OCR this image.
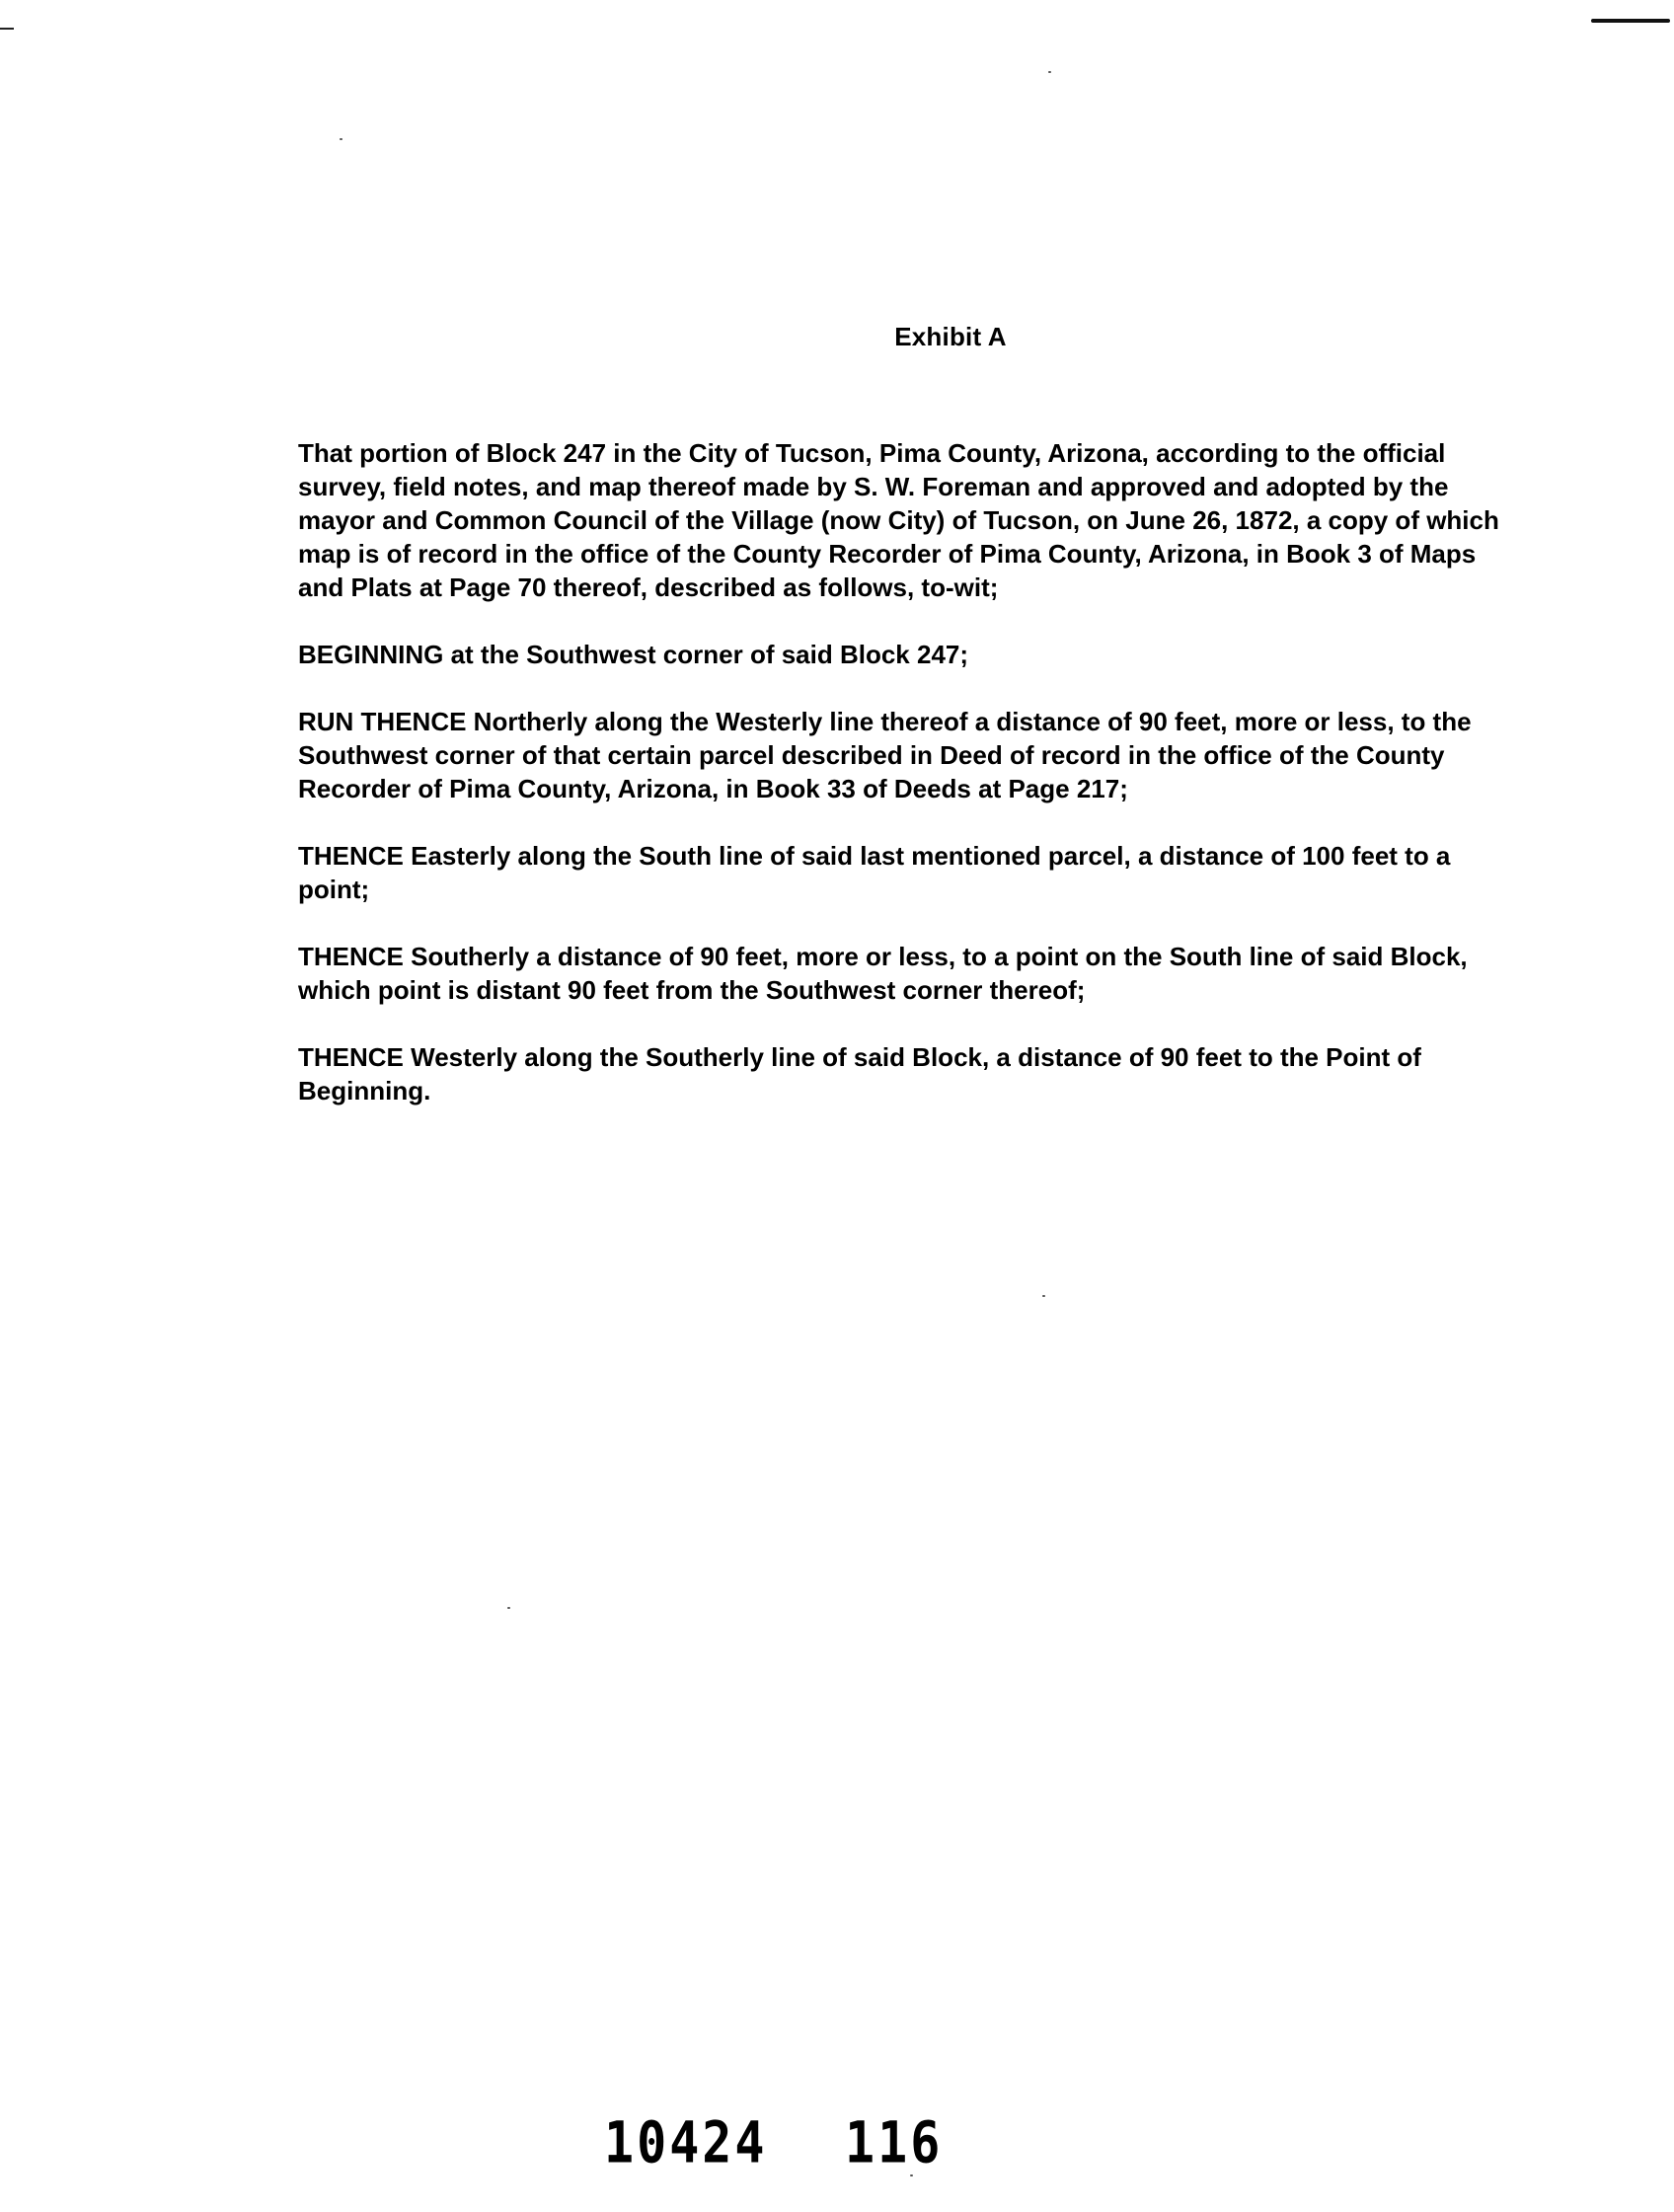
Exhibit A

That portion of Block 247 in the City of Tucson, Pima County, Arizona, according to the official survey, field notes, and map thereof made by S. W. Foreman and approved and adopted by the mayor and Common Council of the Village (now City) of Tucson, on June 26, 1872, a copy of which map is of record in the office of the County Recorder of Pima County, Arizona, in Book 3 of Maps and Plats at Page 70 thereof, described as follows, to-wit;

BEGINNING at the Southwest corner of said Block 247;

RUN THENCE Northerly along the Westerly line thereof a distance of 90 feet, more or less, to the Southwest corner of that certain parcel described in Deed of record in the office of the County Recorder of Pima County, Arizona, in Book 33 of Deeds at Page 217;

THENCE Easterly along the South line of said last mentioned parcel, a distance of 100 feet to a point;

THENCE Southerly a distance of 90 feet, more or less, to a point on the South line of said Block, which point is distant 90 feet from the Southwest corner thereof;

THENCE Westerly along the Southerly line of said Block, a distance of 90 feet to the Point of Beginning.

10424 116
